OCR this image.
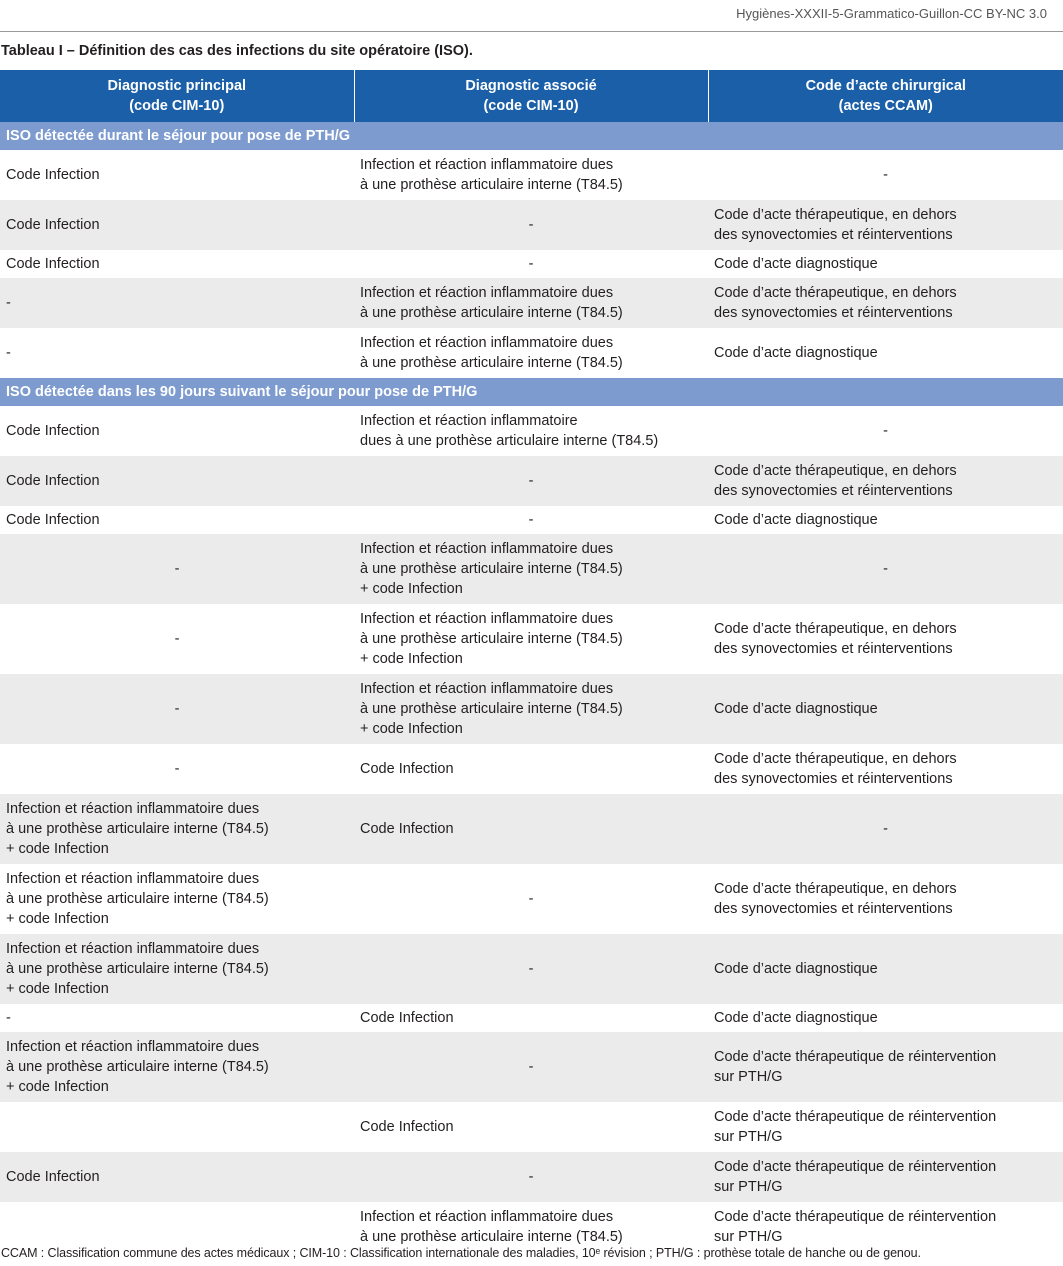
Hygiènes-XXXII-5-Grammatico-Guillon-CC BY-NC 3.0
Tableau I – Définition des cas des infections du site opératoire (ISO).
Diagnostic principal
(code CIM-10)	Diagnostic associé
(code CIM-10)	Code d’acte chirurgical
(actes CCAM)

ISO détectée durant le séjour pour pose de PTH/G		
Code Infection	Infection et réaction inflammatoire dues
à une prothèse articulaire interne (T84.5)	-
Code Infection	-	Code d’acte thérapeutique, en dehors
des synovectomies et réinterventions
Code Infection	-	Code d’acte diagnostique
-	Infection et réaction inflammatoire dues
à une prothèse articulaire interne (T84.5)	Code d’acte thérapeutique, en dehors
des synovectomies et réinterventions
-	Infection et réaction inflammatoire dues
à une prothèse articulaire interne (T84.5)	Code d’acte diagnostique
ISO détectée dans les 90 jours suivant le séjour pour pose de PTH/G		
Code Infection	Infection et réaction inflammatoire
dues à une prothèse articulaire interne (T84.5)	-
Code Infection	-	Code d’acte thérapeutique, en dehors
des synovectomies et réinterventions
Code Infection	-	Code d’acte diagnostique
-	Infection et réaction inflammatoire dues
à une prothèse articulaire interne (T84.5)
+ code Infection	-
-	Infection et réaction inflammatoire dues
à une prothèse articulaire interne (T84.5)
+ code Infection	Code d’acte thérapeutique, en dehors
des synovectomies et réinterventions
-	Infection et réaction inflammatoire dues
à une prothèse articulaire interne (T84.5)
+ code Infection	Code d’acte diagnostique
-	Code Infection	Code d’acte thérapeutique, en dehors
des synovectomies et réinterventions
Infection et réaction inflammatoire dues
à une prothèse articulaire interne (T84.5)
+ code Infection	Code Infection	-
Infection et réaction inflammatoire dues
à une prothèse articulaire interne (T84.5)
+ code Infection	-	Code d’acte thérapeutique, en dehors
des synovectomies et réinterventions
Infection et réaction inflammatoire dues
à une prothèse articulaire interne (T84.5)
+ code Infection	-	Code d’acte diagnostique
-	Code Infection	Code d’acte diagnostique
Infection et réaction inflammatoire dues
à une prothèse articulaire interne (T84.5)
+ code Infection	-	Code d’acte thérapeutique de réintervention
sur PTH/G
	Code Infection	Code d’acte thérapeutique de réintervention
sur PTH/G
Code Infection	-	Code d’acte thérapeutique de réintervention
sur PTH/G
	Infection et réaction inflammatoire dues
à une prothèse articulaire interne (T84.5)	Code d’acte thérapeutique de réintervention
sur PTH/G
CCAM : Classification commune des actes médicaux ; CIM-10 : Classification internationale des maladies, 10ᵉ révision ; PTH/G : prothèse totale de hanche ou de genou.
